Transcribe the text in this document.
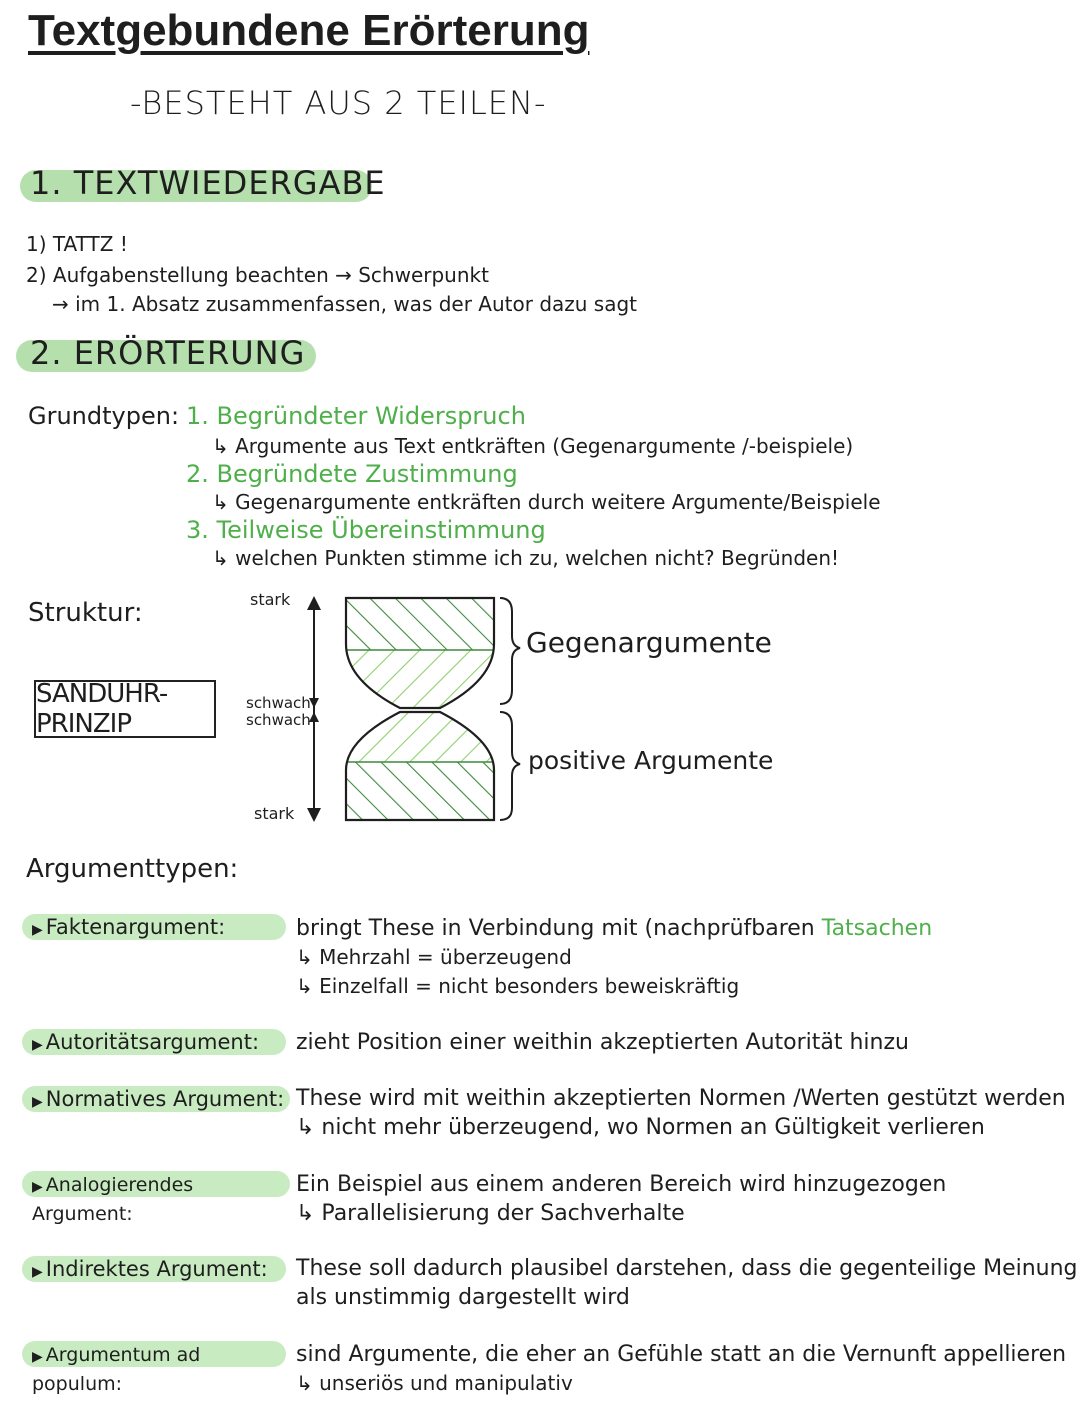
Textgebundene Erörterung
-BESTEHT AUS 2 TEILEN-
1. TEXTWIEDERGABE
1) TATTZ !
2) Aufgabenstellung beachten → Schwerpunkt
→ im 1. Absatz zusammenfassen, was der Autor dazu sagt
2. ERÖRTERUNG
Grundtypen: 1. Begründeter Widerspruch
↳ Argumente aus Text entkräften (Gegenargumente /-beispiele)
2. Begründete Zustimmung
↳ Gegenargumente entkräften durch weitere Argumente/Beispiele
3. Teilweise Übereinstimmung
↳ welchen Punkten stimme ich zu, welchen nicht? Begründen!
Struktur:
SANDUHR-PRINZIP
stark
schwach
schwach
stark
Gegenargumente
positive Argumente
Argumenttypen:
▶ Faktenargument:	bringt These in Verbindung mit (nachprüfbaren Tatsachen
↳ Mehrzahl = überzeugend
↳ Einzelfall = nicht besonders beweiskräftig
▶ Autoritätsargument:	zieht Position einer weithin akzeptierten Autorität hinzu
▶ Normatives Argument: These wird mit weithin akzeptierten Normen /Werten gestützt werden
↳ nicht mehr überzeugend, wo Normen an Gültigkeit verlieren
▶ Analogierendes Argument:
Ein Beispiel aus einem anderen Bereich wird hinzugezogen
↳ Parallelisierung der Sachverhalte
▶ Indirektes Argument:	These soll dadurch plausibel darstehen, dass die gegenteilige Meinung
als unstimmig dargestellt wird
▶ Argumentum ad populum:
sind Argumente, die eher an Gefühle statt an die Vernunft appellieren
↳ unseriös und manipulativ
